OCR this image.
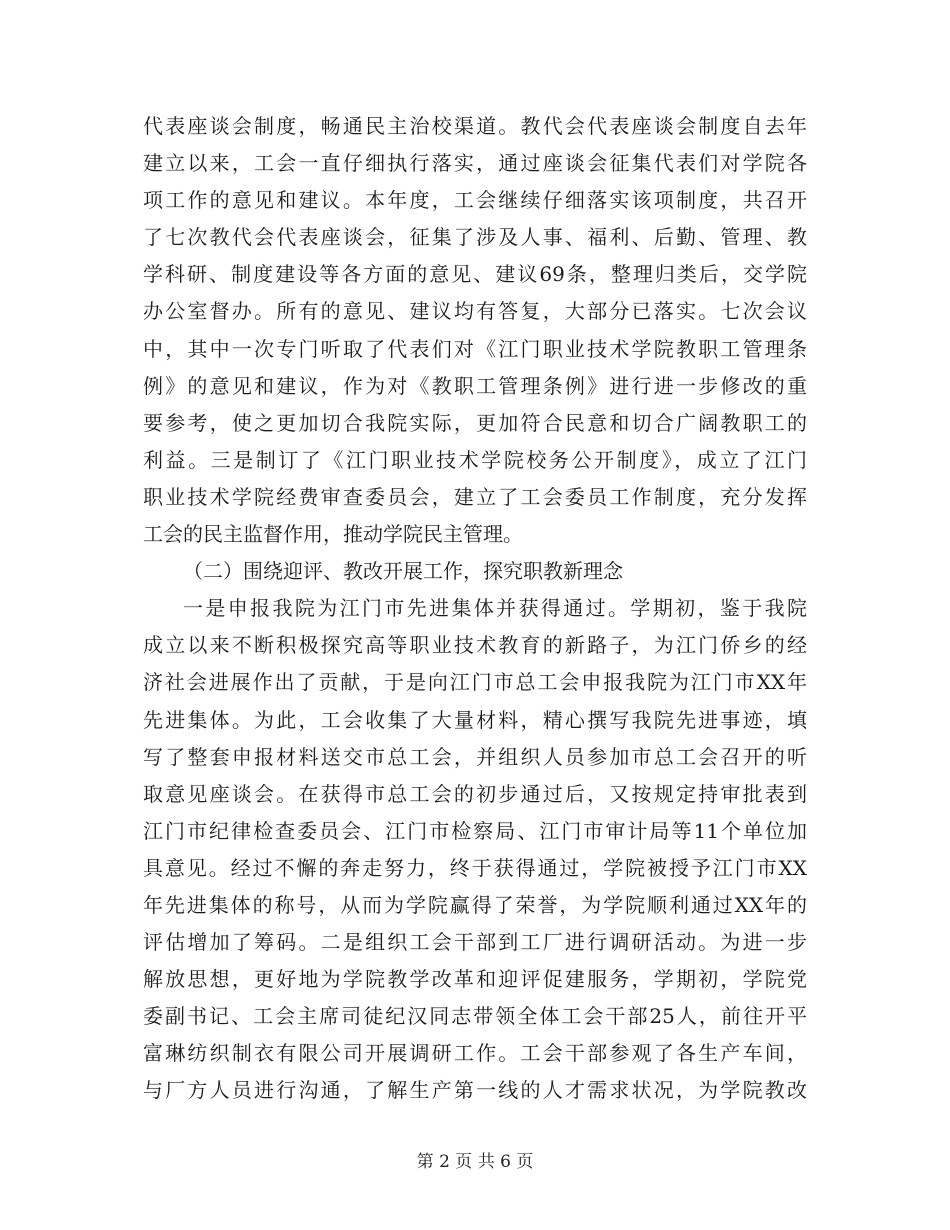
代表座谈会制度，畅通民主治校渠道。教代会代表座谈会制度自去年
建立以来，工会一直仔细执行落实，通过座谈会征集代表们对学院各
项工作的意见和建议。本年度，工会继续仔细落实该项制度，共召开
了七次教代会代表座谈会，征集了涉及人事、福利、后勤、管理、教
学科研、制度建设等各方面的意见、建议69条，整理归类后，交学院
办公室督办。所有的意见、建议均有答复，大部分已落实。七次会议
中，其中一次专门听取了代表们对《江门职业技术学院教职工管理条
例》的意见和建议，作为对《教职工管理条例》进行进一步修改的重
要参考，使之更加切合我院实际，更加符合民意和切合广阔教职工的
利益。三是制订了《江门职业技术学院校务公开制度》，成立了江门
职业技术学院经费审查委员会，建立了工会委员工作制度，充分发挥
工会的民主监督作用，推动学院民主管理。
（二）围绕迎评、教改开展工作，探究职教新理念
一是申报我院为江门市先进集体并获得通过。学期初，鉴于我院
成立以来不断积极探究高等职业技术教育的新路子，为江门侨乡的经
济社会进展作出了贡献，于是向江门市总工会申报我院为江门市XX年
先进集体。为此，工会收集了大量材料，精心撰写我院先进事迹，填
写了整套申报材料送交市总工会，并组织人员参加市总工会召开的听
取意见座谈会。在获得市总工会的初步通过后，又按规定持审批表到
江门市纪律检查委员会、江门市检察局、江门市审计局等11个单位加
具意见。经过不懈的奔走努力，终于获得通过，学院被授予江门市XX
年先进集体的称号，从而为学院赢得了荣誉，为学院顺利通过XX年的
评估增加了筹码。二是组织工会干部到工厂进行调研活动。为进一步
解放思想，更好地为学院教学改革和迎评促建服务，学期初，学院党
委副书记、工会主席司徒纪汉同志带领全体工会干部25人，前往开平
富琳纺织制衣有限公司开展调研工作。工会干部参观了各生产车间，
与厂方人员进行沟通，了解生产第一线的人才需求状况，为学院教改
第 2 页 共 6 页
